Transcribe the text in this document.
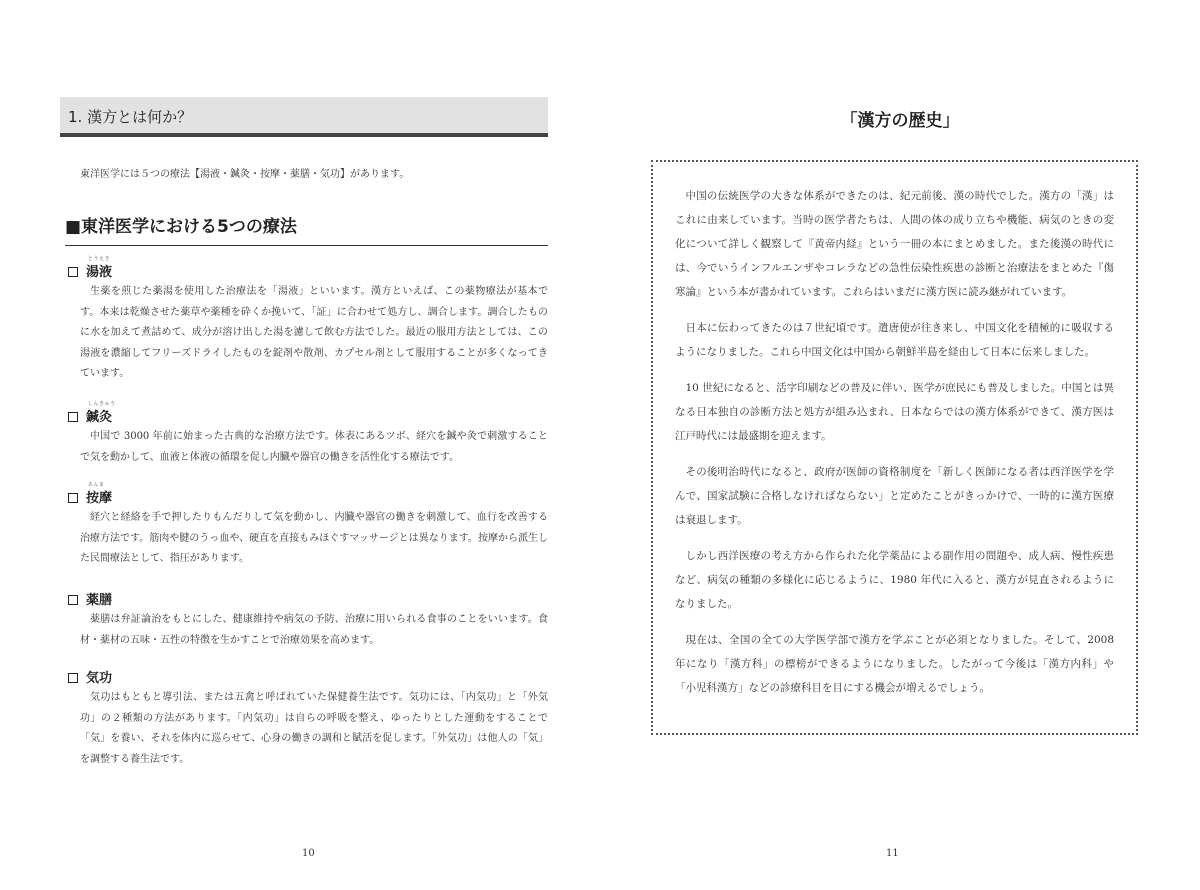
1. 漢方とは何か？
東洋医学には５つの療法【湯液・鍼灸・按摩・薬膳・気功】があります。
■東洋医学における5つの療法
とうえき
湯液
生薬を煎じた薬湯を使用した治療法を「湯液」といいます。漢方といえば、この薬物療法が基本です。本来は乾燥させた薬草や薬種を砕くか挽いて、「証」に合わせて処方し、調合します。調合したものに水を加えて煮詰めて、成分が溶け出した湯を濾して飲む方法でした。最近の服用方法としては、この湯液を濃縮してフリーズドライしたものを錠剤や散剤、カプセル剤として服用することが多くなってきています。
しんきゅう
鍼灸
中国で 3000 年前に始まった古典的な治療方法です。体表にあるツボ、経穴を鍼や灸で刺激することで気を動かして、血液と体液の循環を促し内臓や器官の働きを活性化する療法です。
あんま
按摩
経穴と経絡を手で押したりもんだりして気を動かし、内臓や器官の働きを刺激して、血行を改善する治療方法です。筋肉や腱のうっ血や、硬直を直接もみほぐすマッサージとは異なります。按摩から派生した民間療法として、指圧があります。
薬膳
薬膳は弁証論治をもとにした、健康維持や病気の予防、治療に用いられる食事のことをいいます。食材・薬材の五味・五性の特徴を生かすことで治療効果を高めます。
気功
気功はもともと導引法、または五禽と呼ばれていた保健養生法です。気功には、「内気功」と「外気功」の２種類の方法があります。「内気功」は自らの呼吸を整え、ゆったりとした運動をすることで「気」を養い、それを体内に巡らせて、心身の働きの調和と賦活を促します。「外気功」は他人の「気」を調整する養生法です。
10
「漢方の歴史」

中国の伝統医学の大きな体系ができたのは、紀元前後、漢の時代でした。漢方の「漢」はこれに由来しています。当時の医学者たちは、人間の体の成り立ちや機能、病気のときの変化について詳しく観察して『黄帝内経』という一冊の本にまとめました。また後漢の時代には、今でいうインフルエンザやコレラなどの急性伝染性疾患の診断と治療法をまとめた『傷寒論』という本が書かれています。これらはいまだに漢方医に読み継がれています。

日本に伝わってきたのは７世紀頃です。遣唐使が往き来し、中国文化を積極的に吸収するようになりました。これら中国文化は中国から朝鮮半島を経由して日本に伝来しました。

10 世紀になると、活字印刷などの普及に伴い、医学が庶民にも普及しました。中国とは異なる日本独自の診断方法と処方が組み込まれ、日本ならではの漢方体系ができて、漢方医は江戸時代には最盛期を迎えます。

その後明治時代になると、政府が医師の資格制度を「新しく医師になる者は西洋医学を学んで、国家試験に合格しなければならない」と定めたことがきっかけで、一時的に漢方医療は衰退します。

しかし西洋医療の考え方から作られた化学薬品による副作用の問題や、成人病、慢性疾患など、病気の種類の多様化に応じるように、1980 年代に入ると、漢方が見直されるようになりました。

現在は、全国の全ての大学医学部で漢方を学ぶことが必須となりました。そして、2008 年になり「漢方科」の標榜ができるようになりました。したがって今後は「漢方内科」や「小児科漢方」などの診療科目を目にする機会が増えるでしょう。

11
